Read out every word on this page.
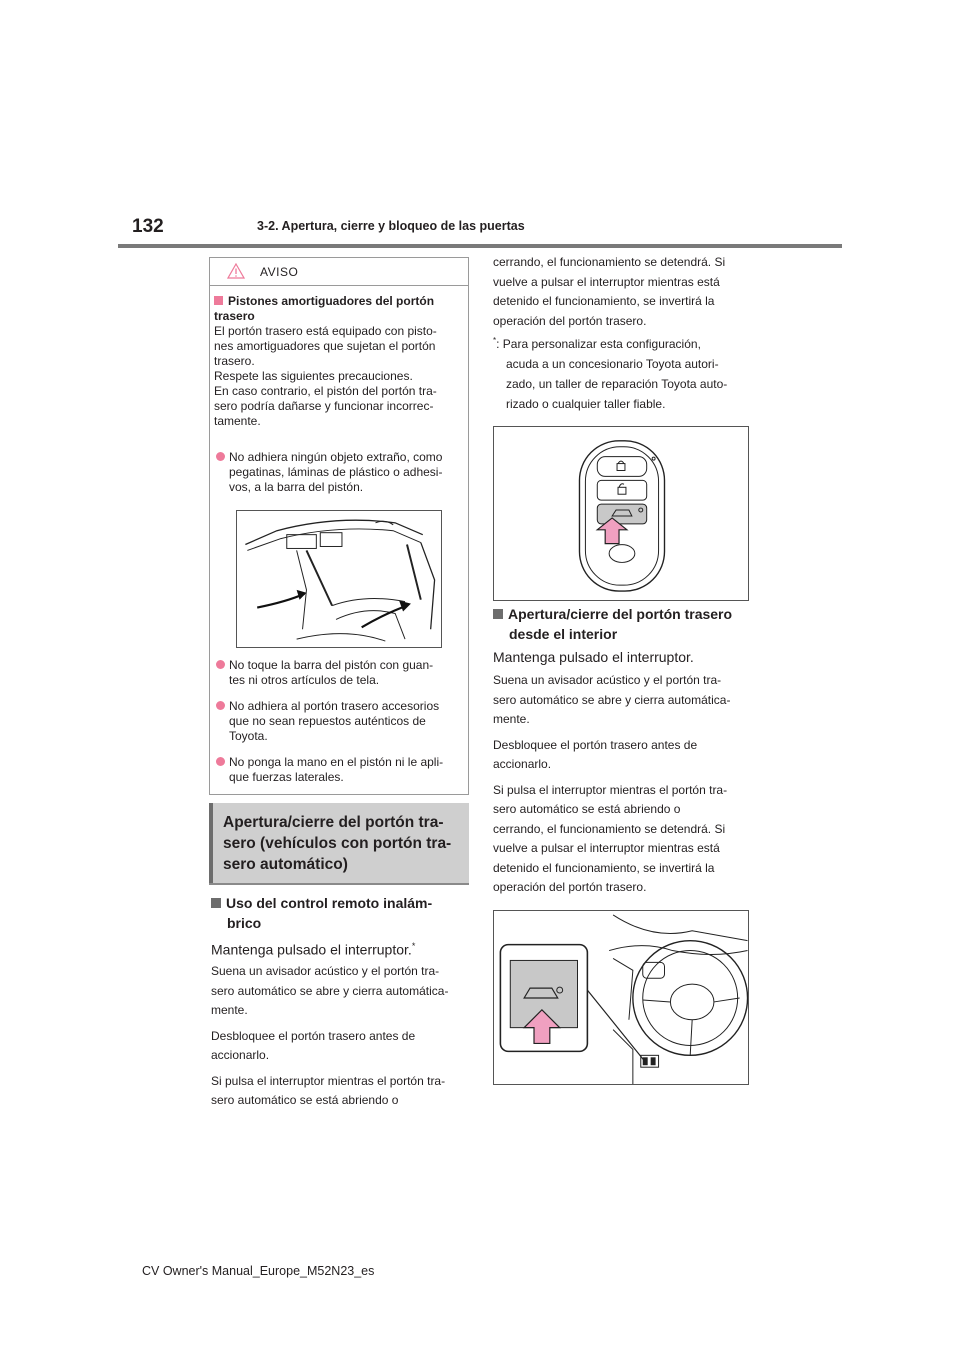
132	3-2. Apertura, cierre y bloqueo de las puertas
AVISO
Pistones amortiguadores del portón trasero
El portón trasero está equipado con pisto-
nes amortiguadores que sujetan el portón
trasero.
Respete las siguientes precauciones.
En caso contrario, el pistón del portón tra-
sero podría dañarse y funcionar incorrec-
tamente.
No adhiera ningún objeto extraño, como
pegatinas, láminas de plástico o adhesi-
vos, a la barra del pistón.
No toque la barra del pistón con guan-
tes ni otros artículos de tela.
No adhiera al portón trasero accesorios
que no sean repuestos auténticos de
Toyota.
No ponga la mano en el pistón ni le apli-
que fuerzas laterales.
Apertura/cierre del portón tra-
sero (vehículos con portón tra-
sero automático)
Uso del control remoto inalám-
brico
Mantenga pulsado el interruptor.*
Suena un avisador acústico y el portón tra-
sero automático se abre y cierra automática-
mente.
Desbloquee el portón trasero antes de
accionarlo.
Si pulsa el interruptor mientras el portón tra-
sero automático se está abriendo o
cerrando, el funcionamiento se detendrá. Si
vuelve a pulsar el interruptor mientras está
detenido el funcionamiento, se invertirá la
operación del portón trasero.
*: Para personalizar esta configuración,
acuda a un concesionario Toyota autori-
zado, un taller de reparación Toyota auto-
rizado o cualquier taller fiable.
Apertura/cierre del portón trasero
desde el interior
Mantenga pulsado el interruptor.
Suena un avisador acústico y el portón tra-
sero automático se abre y cierra automática-
mente.
Desbloquee el portón trasero antes de
accionarlo.
Si pulsa el interruptor mientras el portón tra-
sero automático se está abriendo o
cerrando, el funcionamiento se detendrá. Si
vuelve a pulsar el interruptor mientras está
detenido el funcionamiento, se invertirá la
operación del portón trasero.
CV Owner's Manual_Europe_M52N23_es
